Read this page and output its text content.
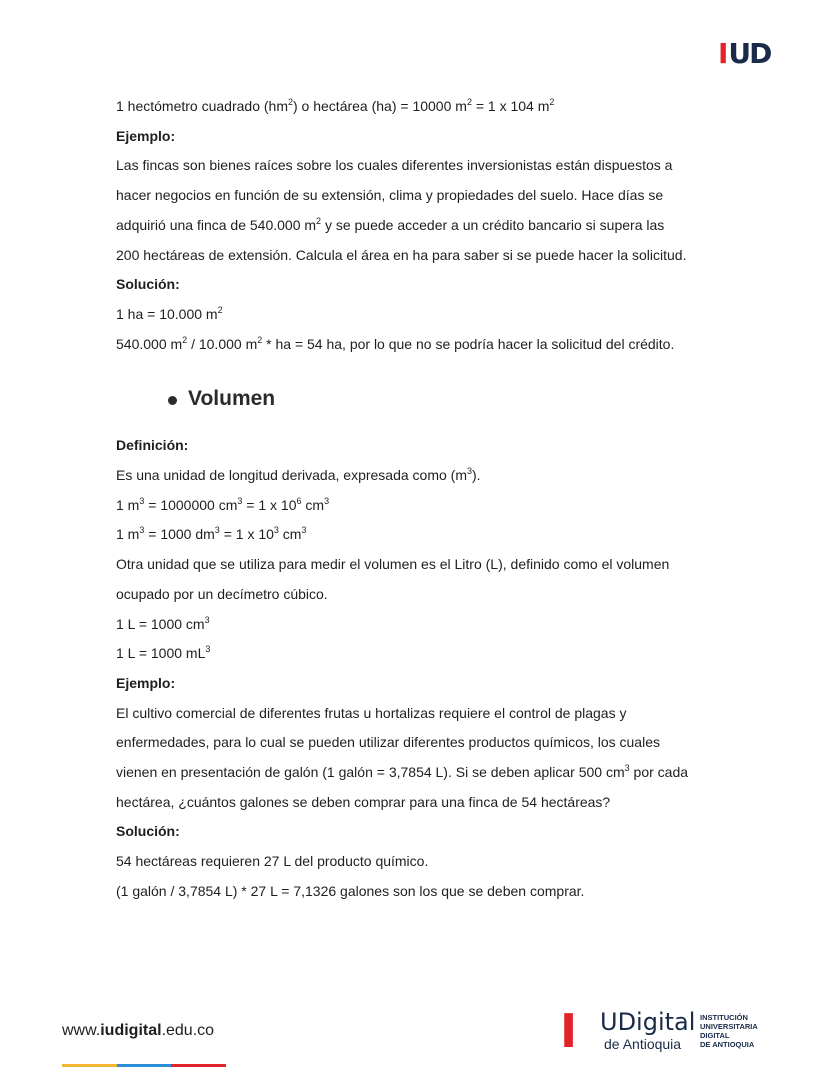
I UD
1 hectómetro cuadrado $(hm^2)$ o hectárea (ha) = 10000 $m^2 = 1$ x 104 $m^2$
Ejemplo:
Las fincas son bienes raíces sobre los cuales diferentes inversionistas están dispuestos a
hacer negocios en función de su extensión, clima y propiedades del suelo. Hace días se
adquirió una finca de 540.000 $m^2$ y se puede acceder a un crédito bancario si supera las
200 hectáreas de extensión. Calcula el área en ha para saber si se puede hacer la solicitud.
Solución:
1 ha = 10.000 $m^2$
540.000 $m^2 / 10.000$ $m^2$ * ha = 54 ha, por lo que no se podría hacer la solicitud del crédito.
Volumen
Definición:
Es una unidad de longitud derivada, expresada como $(m^3)$.
1 $m^3 = 1000000$ $cm^3 = 1$ x $10^6$ $cm^3$
1 $m^3 = 1000$ $dm^3 = 1$ x $10^3$ $cm^3$
Otra unidad que se utiliza para medir el volumen es el Litro (L), definido como el volumen
ocupado por un decímetro cúbico.
1 L = 1000 $cm^3$
1 L = 1000 $mL^3$
Ejemplo:
El cultivo comercial de diferentes frutas u hortalizas requiere el control de plagas y
enfermedades, para lo cual se pueden utilizar diferentes productos químicos, los cuales
vienen en presentación de galón (1 galón = 3,7854 L). Si se deben aplicar 500 $cm^3$ por cada
hectárea, ¿cuántos galones se deben comprar para una finca de 54 hectáreas?
Solución:
54 hectáreas requieren 27 L del producto químico.
(1 galón / 3,7854 L) * 27 L = 7,1326 galones son los que se deben comprar.
www.iudigital.edu.co	I UDigital
de Antioquia
INSTITUCIÓN
UNIVERSITARIA
DIGITAL
DE ANTIOQUIA
